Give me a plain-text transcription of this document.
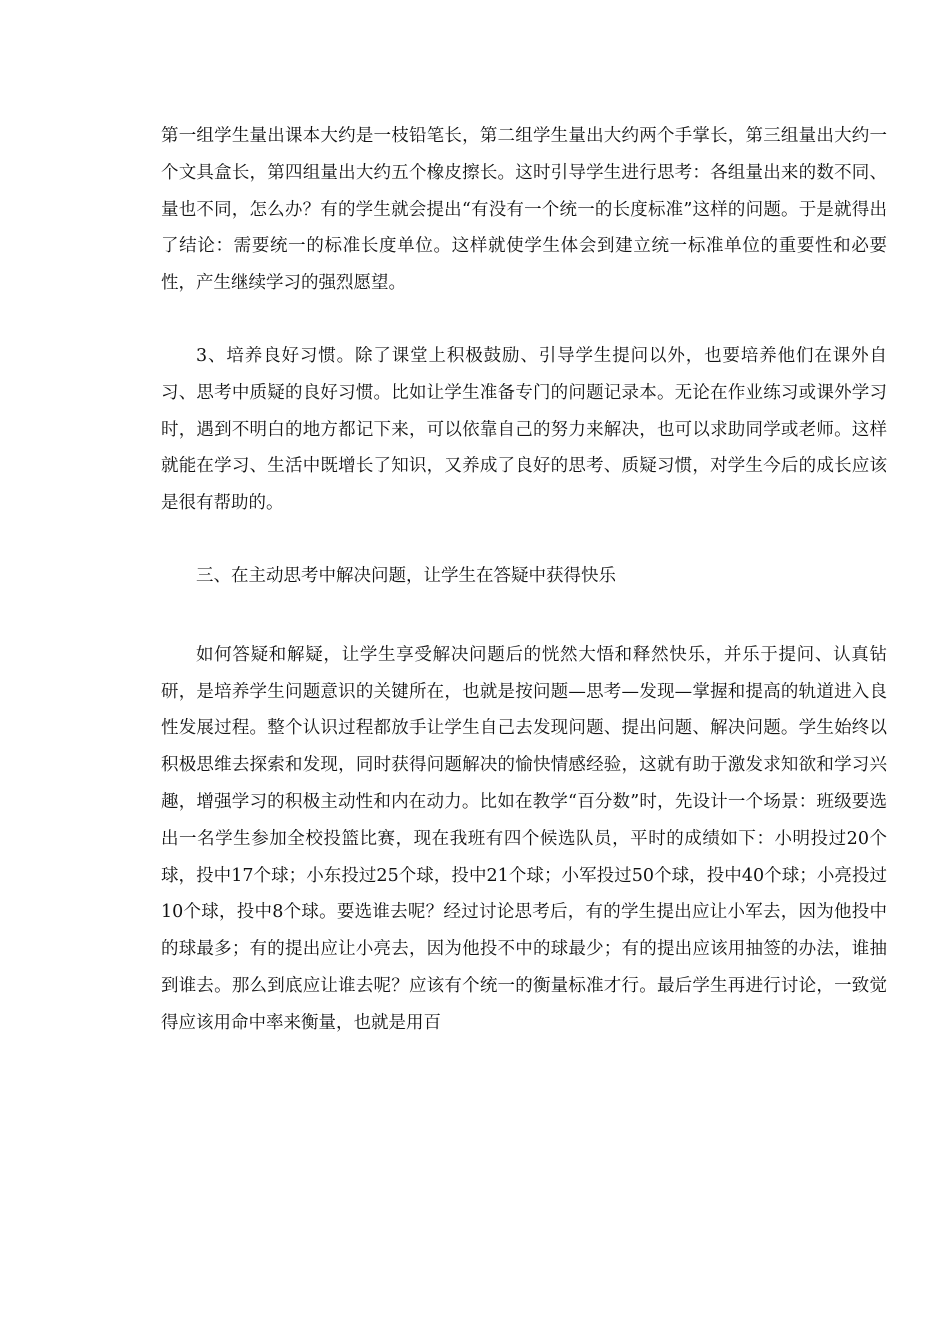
第一组学生量出课本大约是一枝铅笔长，第二组学生量出大约两个手掌长，第三组量出大约一个文具盒长，第四组量出大约五个橡皮擦长。这时引导学生进行思考：各组量出来的数不同、量也不同，怎么办？有的学生就会提出“有没有一个统一的长度标准”这样的问题。于是就得出了结论：需要统一的标准长度单位。这样就使学生体会到建立统一标准单位的重要性和必要性，产生继续学习的强烈愿望。

3、培养良好习惯。除了课堂上积极鼓励、引导学生提问以外，也要培养他们在课外自习、思考中质疑的良好习惯。比如让学生准备专门的问题记录本。无论在作业练习或课外学习时，遇到不明白的地方都记下来，可以依靠自己的努力来解决，也可以求助同学或老师。这样就能在学习、生活中既增长了知识，又养成了良好的思考、质疑习惯，对学生今后的成长应该是很有帮助的。

三、在主动思考中解决问题，让学生在答疑中获得快乐

如何答疑和解疑，让学生享受解决问题后的恍然大悟和释然快乐，并乐于提问、认真钻研，是培养学生问题意识的关键所在，也就是按问题—思考—发现—掌握和提高的轨道进入良性发展过程。整个认识过程都放手让学生自己去发现问题、提出问题、解决问题。学生始终以积极思维去探索和发现，同时获得问题解决的愉快情感经验，这就有助于激发求知欲和学习兴趣，增强学习的积极主动性和内在动力。比如在教学“百分数”时，先设计一个场景：班级要选出一名学生参加全校投篮比赛，现在我班有四个候选队员，平时的成绩如下：小明投过20个球，投中17个球；小东投过25个球，投中21个球；小军投过50个球，投中40个球；小亮投过10个球，投中8个球。要选谁去呢？经过讨论思考后，有的学生提出应让小军去，因为他投中的球最多；有的提出应让小亮去，因为他投不中的球最少；有的提出应该用抽签的办法，谁抽到谁去。那么到底应让谁去呢？应该有个统一的衡量标准才行。最后学生再进行讨论，一致觉得应该用命中率来衡量，也就是用百
